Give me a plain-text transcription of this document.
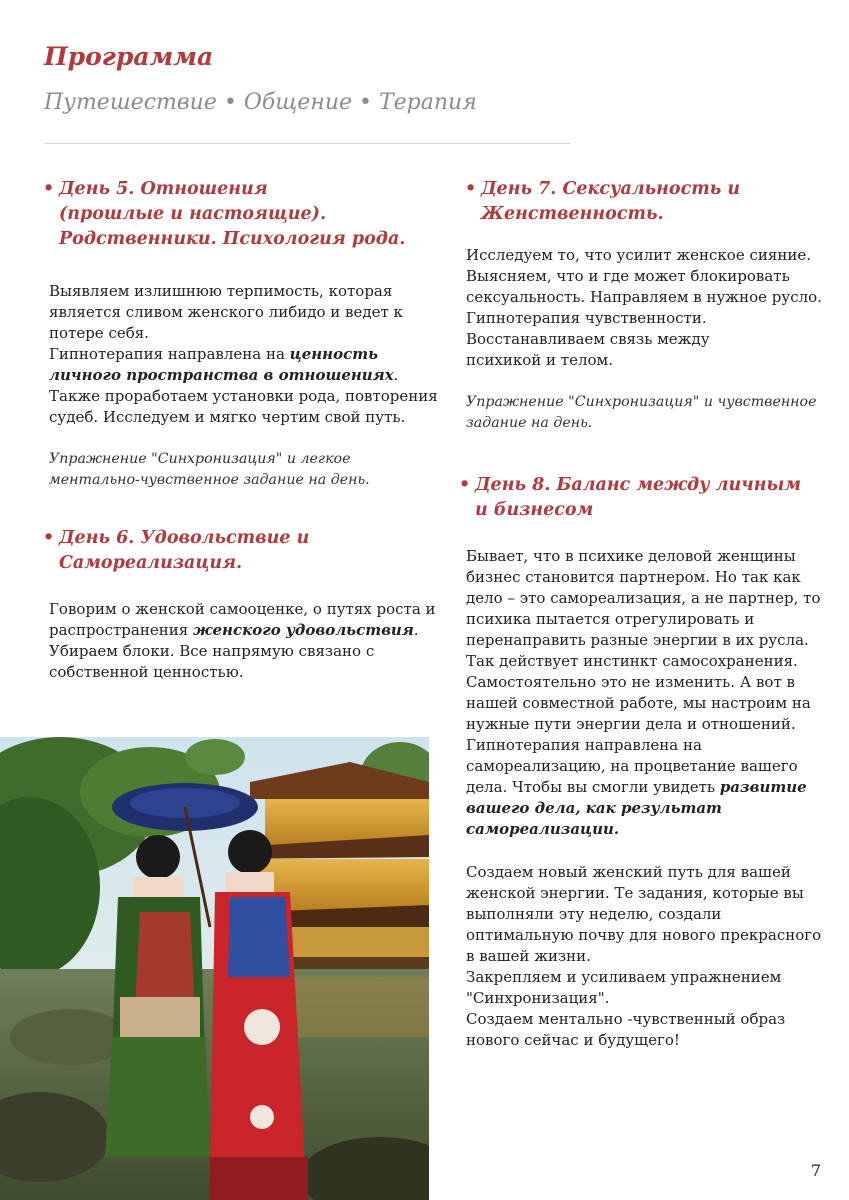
Программа
Путешествие • Общение • Терапия
• День 5. Отношения
(прошлые и настоящие).
Родственники. Психология рода.
Выявляем излишнюю терпимость, которая
является сливом женского либидо и ведет к
потере себя.
Гипнотерапия направлена на ценность
личного пространства в отношениях.
Также проработаем установки рода, повторения
судеб. Исследуем и мягко чертим свой путь.
Упражнение "Синхронизация" и легкое
ментально-чувственное задание на день.
• День 6. Удовольствие и
Самореализация.
Говорим о женской самооценке, о путях роста и
распространения женского удовольствия.
Убираем блоки. Все напрямую связано с
собственной ценностью.
• День 7. Сексуальность и
Женственность.
Исследуем то, что усилит женское сияние.
Выясняем, что и где может блокировать
сексуальность. Направляем в нужное русло.
Гипнотерапия чувственности.
Восстанавливаем связь между
психикой и телом.
Упражнение "Синхронизация" и чувственное
задание на день.
• День 8. Баланс между личным
и бизнесом
Бывает, что в психике деловой женщины
бизнес становится партнером. Но так как
дело – это самореализация, а не партнер, то
психика пытается отрегулировать и
перенаправить разные энергии в их русла.
Так действует инстинкт самосохранения.
Самостоятельно это не изменить. А вот в
нашей совместной работе, мы настроим на
нужные пути энергии дела и отношений.
Гипнотерапия направлена на
самореализацию, на процветание вашего
дела. Чтобы вы смогли увидеть развитие
вашего дела, как результат
самореализации.
Создаем новый женский путь для вашей
женской энергии. Те задания, которые вы
выполняли эту неделю, создали
оптимальную почву для нового прекрасного
в вашей жизни.
Закрепляем и усиливаем упражнением
"Синхронизация".
Создаем ментально -чувственный образ
нового сейчас и будущего!
7
